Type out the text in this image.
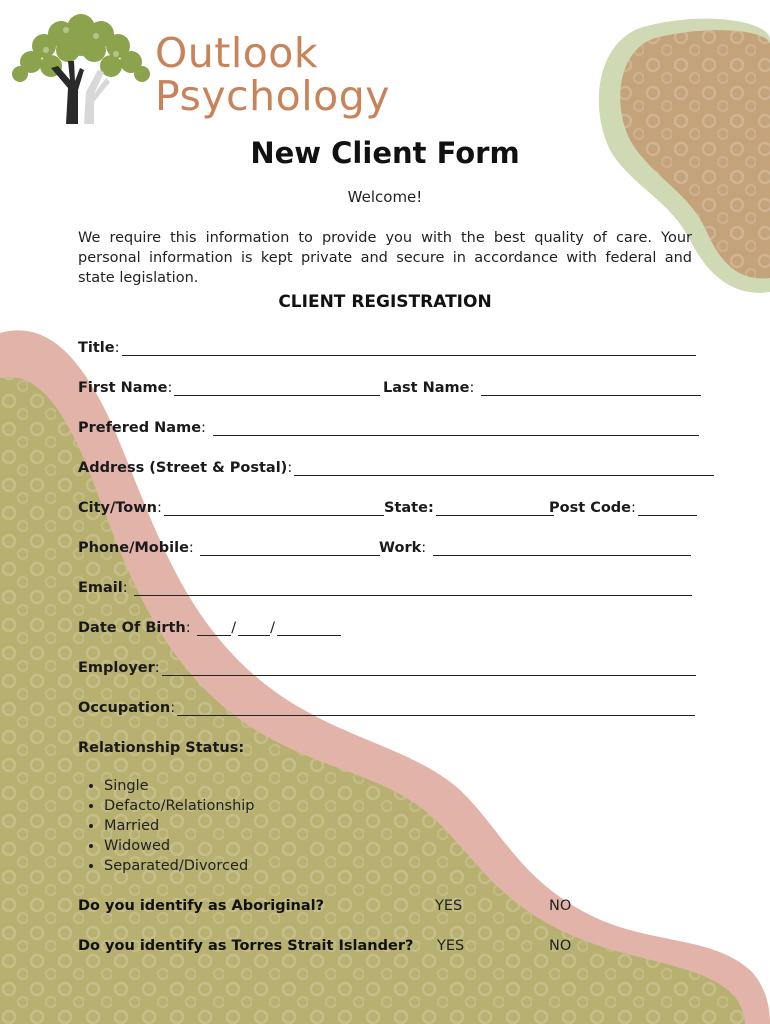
Outlook
Psychology
New Client Form
Welcome!
We require this information to provide you with the best quality of care. Your personal information is kept private and secure in accordance with federal and state legislation.
CLIENT REGISTRATION
Title :
First Name :	Last Name :
Prefered Name :
Address (Street & Postal) :
City/Town :	State :	Post Code :
Phone/Mobile :	Work :
Email :
Date Of Birth : / /
Employer :
Occupation :
Relationship Status:
• Single
• Defacto/Relationship
• Married
• Widowed
• Separated/Divorced
Do you identify as Aboriginal?	YES	NO
Do you identify as Torres Strait Islander? YES	NO
